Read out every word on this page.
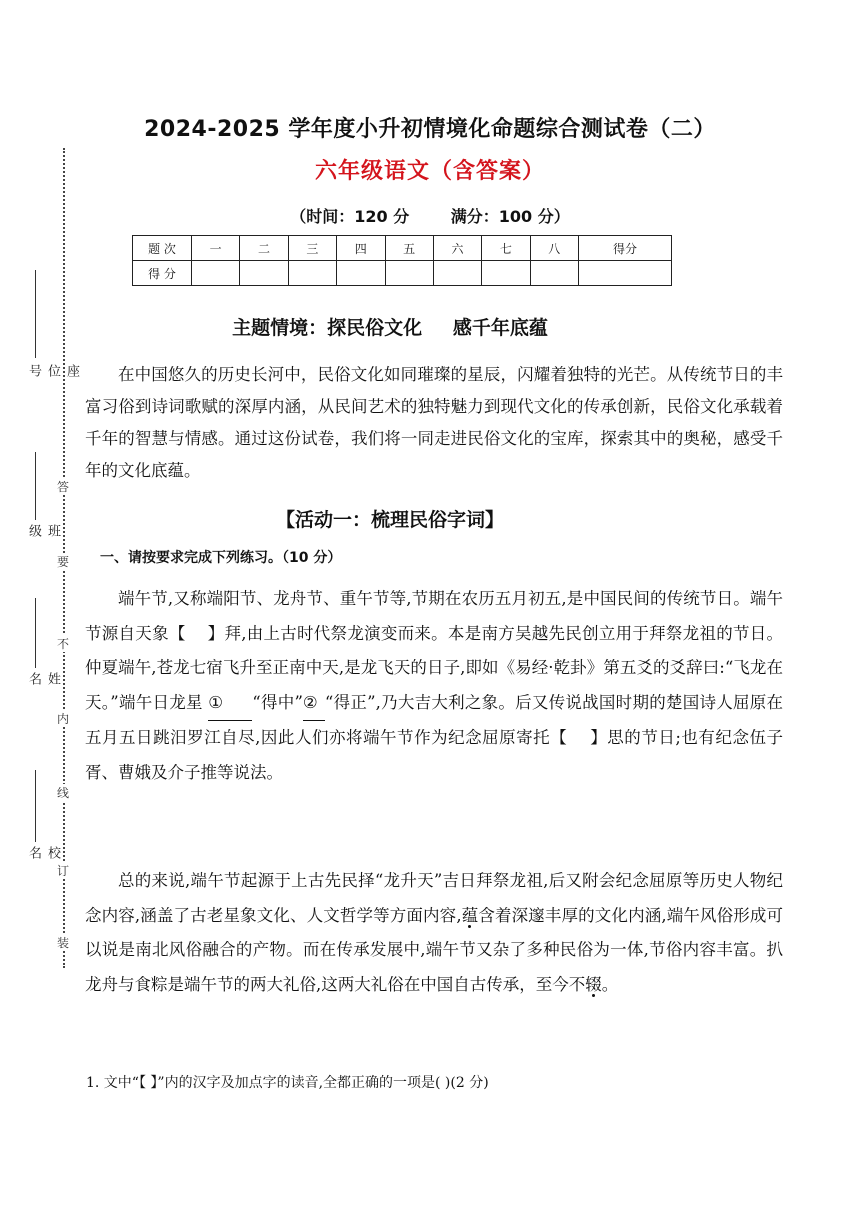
座位号
班级
姓名
校名
答
要
不
内
线
订
装
2024-2025 学年度小升初情境化命题综合测试卷（二）
六年级语文（含答案）
（时间：120 分	满分：100 分）
题 次	一	二	三	四	五	六	七	八	得分
得 分									
主题情境：探民俗文化 感千年底蕴

在中国悠久的历史长河中，民俗文化如同璀璨的星辰，闪耀着独特的光芒。从传统节日的丰富习俗到诗词歌赋的深厚内涵，从民间艺术的独特魅力到现代文化的传承创新，民俗文化承载着千年的智慧与情感。通过这份试卷，我们将一同走进民俗文化的宝库，探索其中的奥秘，感受千年的文化底蕴。

【活动一：梳理民俗字词】
一、请按要求完成下列练习。（10 分）

端午节,又称端阳节、龙舟节、重午节等,节期在农历五月初五,是中国民间的传统节日。端午节源自天象【 】拜,由上古时代祭龙演变而来。本是南方吴越先民创立用于拜祭龙祖的节日。仲夏端午,苍龙七宿飞升至正南中天,是龙飞天的日子,即如《易经·乾卦》第五爻的爻辞曰:“飞龙在天。”端午日龙星 ① “得中”② “得正”,乃大吉大利之象。后又传说战国时期的楚国诗人屈原在五月五日跳汨罗江自尽,因此人们亦将端午节作为纪念屈原寄托【 】思的节日;也有纪念伍子胥、曹娥及介子推等说法。

总的来说,端午节起源于上古先民择“龙升天”吉日拜祭龙祖,后又附会纪念屈原等历史人物纪念内容,涵盖了古老星象文化、人文哲学等方面内容,蕴含着深邃丰厚的文化内涵,端午风俗形成可以说是南北风俗融合的产物。而在传承发展中,端午节又杂了多种民俗为一体,节俗内容丰富。扒龙舟与食粽是端午节的两大礼俗,这两大礼俗在中国自古传承，至今不辍。

1. 文中“【 】”内的汉字及加点字的读音,全都正确的一项是( )(2 分)
